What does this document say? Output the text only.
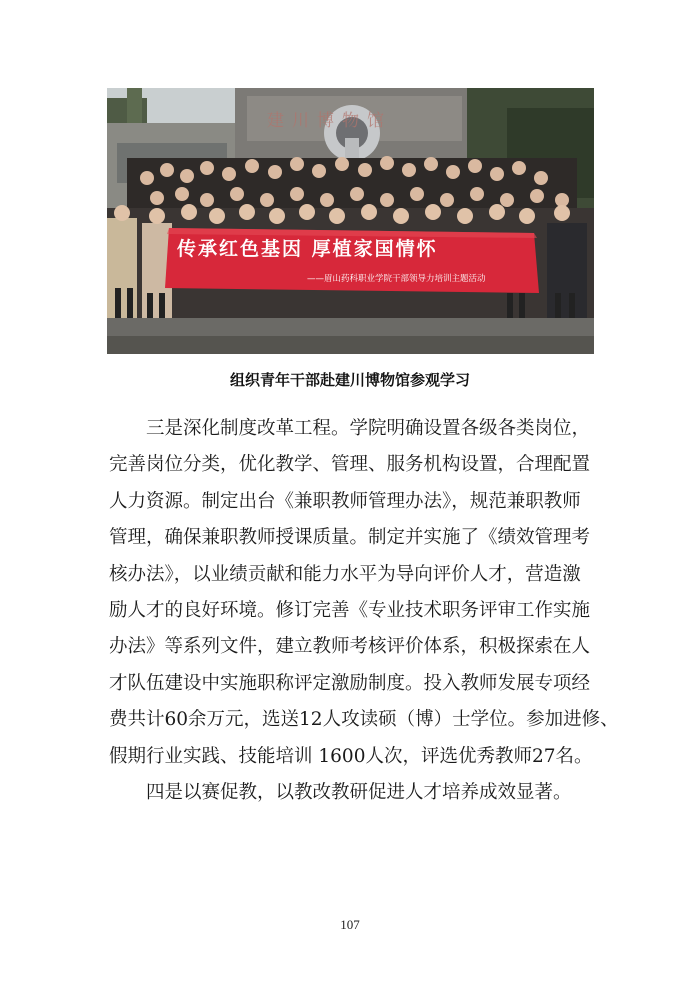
建川博物馆
传承红色基因 厚植家国情怀
——眉山药科职业学院干部领导力培训主题活动
组织青年干部赴建川博物馆参观学习
三是深化制度改革工程。学院明确设置各级各类岗位，
完善岗位分类，优化教学、管理、服务机构设置，合理配置
人力资源。制定出台《兼职教师管理办法》，规范兼职教师
管理，确保兼职教师授课质量。制定并实施了《绩效管理考
核办法》，以业绩贡献和能力水平为导向评价人才，营造激
励人才的良好环境。修订完善《专业技术职务评审工作实施
办法》等系列文件，建立教师考核评价体系，积极探索在人
才队伍建设中实施职称评定激励制度。投入教师发展专项经
费共计60余万元，选送12人攻读硕（博）士学位。参加进修、
假期行业实践、技能培训 1600人次，评选优秀教师27名。
四是以赛促教，以教改教研促进人才培养成效显著。
107
